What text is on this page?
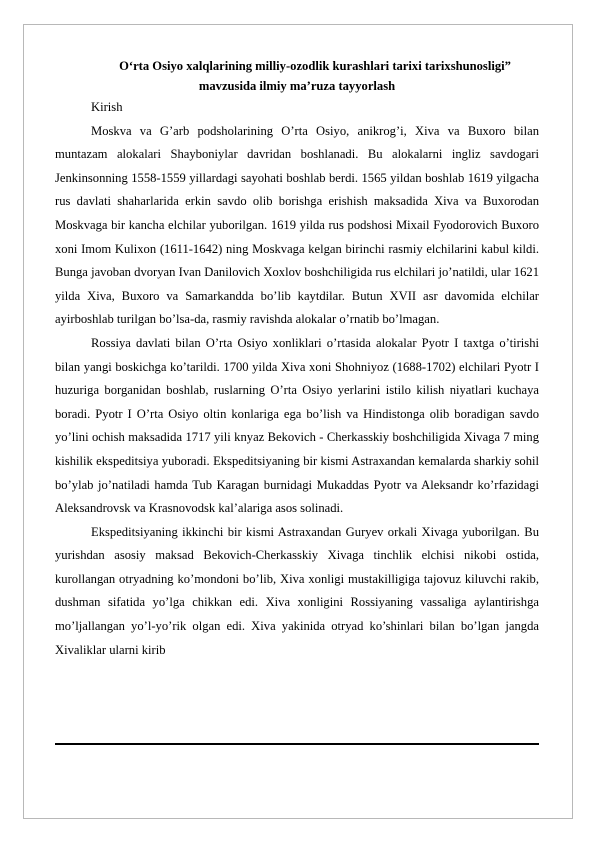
O‘rta Osiyo xalqlarining milliy-ozodlik kurashlari tarixi tarixshunosligi”
mavzusida ilmiy ma’ruza tayyorlash

Kirish

Moskva va G’arb podsholarining O’rta Osiyo, anikrog’i, Xiva va Buxoro bilan muntazam alokalari Shayboniylar davridan boshlanadi. Bu alokalarni ingliz savdogari Jenkinsonning 1558-1559 yillardagi sayohati boshlab berdi. 1565 yildan boshlab 1619 yilgacha rus davlati shaharlarida erkin savdo olib borishga erishish maksadida Xiva va Buxorodan Moskvaga bir kancha elchilar yuborilgan. 1619 yilda rus podshosi Mixail Fyodorovich Buxoro xoni Imom Kulixon (1611-1642) ning Moskvaga kelgan birinchi rasmiy elchilarini kabul kildi. Bunga javoban dvoryan Ivan Danilovich Xoxlov boshchiligida rus elchilari jo’natildi, ular 1621 yilda Xiva, Buxoro va Samarkandda bo’lib kaytdilar. Butun XVII asr davomida elchilar ayirboshlab turilgan bo’lsa-da, rasmiy ravishda alokalar o’rnatib bo’lmagan.

Rossiya davlati bilan O’rta Osiyo xonliklari o’rtasida alokalar Pyotr I taxtga o’tirishi bilan yangi boskichga ko’tarildi. 1700 yilda Xiva xoni Shohniyoz (1688-1702) elchilari Pyotr I huzuriga borganidan boshlab, ruslarning O’rta Osiyo yerlarini istilo kilish niyatlari kuchaya boradi. Pyotr I O’rta Osiyo oltin konlariga ega bo’lish va Hindistonga olib boradigan savdo yo’lini ochish maksadida 1717 yili knyaz Bekovich - Cherkasskiy boshchiligida Xivaga 7 ming kishilik ekspeditsiya yuboradi. Ekspeditsiyaning bir kismi Astraxandan kemalarda sharkiy sohil bo’ylab jo’natiladi hamda Tub Karagan burnidagi Mukaddas Pyotr va Aleksandr ko’rfazidagi Aleksandrovsk va Krasnovodsk kal’alariga asos solinadi.

Ekspeditsiyaning ikkinchi bir kismi Astraxandan Guryev orkali Xivaga yuborilgan. Bu yurishdan asosiy maksad Bekovich-Cherkasskiy Xivaga tinchlik elchisi nikobi ostida, kurollangan otryadning ko’mondoni bo’lib, Xiva xonligi mustakilligiga tajovuz kiluvchi rakib, dushman sifatida yo’lga chikkan edi. Xiva xonligini Rossiyaning vassaliga aylantirishga mo’ljallangan yo’l-yo’rik olgan edi. Xiva yakinida otryad ko’shinlari bilan bo’lgan jangda Xivaliklar ularni kirib
